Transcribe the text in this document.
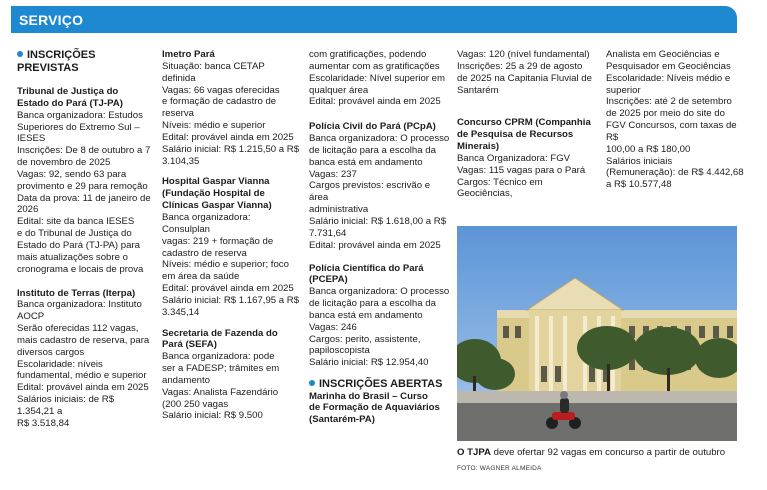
SERVIÇO

INSCRIÇÕES

PREVISTAS

Tribunal de Justiça do

Estado do Pará (TJ-PA)

Banca organizadora: Estudos

Superiores do Extremo Sul –

IESES

Inscrições: De 8 de outubro a 7

de novembro de 2025

Vagas: 92, sendo 63 para

provimento e 29 para remoção

Data da prova: 11 de janeiro de

2026

Edital: site da banca IESES

e do Tribunal de Justiça do

Estado do Pará (TJ-PA) para

mais atualizações sobre o

cronograma e locais de prova

Instituto de Terras (Iterpa)

Banca organizadora: Instituto

AOCP

Serão oferecidas 112 vagas,

mais cadastro de reserva, para

diversos cargos

Escolaridade: níveis

fundamental, médio e superior

Edital: provável ainda em 2025

Salários iniciais: de R$ 1.354,21 a

R$ 3.518,84

Imetro Pará

Situação: banca CETAP definida

Vagas: 66 vagas oferecidas

e formação de cadastro de

reserva

Níveis: médio e superior

Edital: provável ainda em 2025

Salário inicial: R$ 1.215,50 a R$

3.104,35

Hospital Gaspar Vianna

(Fundação Hospital de

Clínicas Gaspar Vianna)

Banca organizadora:

Consulplan

vagas: 219 + formação de

cadastro de reserva

Níveis: médio e superior; foco

em área da saúde

Edital: provável ainda em 2025

Salário inicial: R$ 1.167,95 a R$

3.345,14

Secretaria de Fazenda do

Pará (SEFA)

Banca organizadora: pode

ser a FADESP; trâmites em

andamento

Vagas: Analista Fazendário

(200 250 vagas

Salário inicial: R$ 9.500

com gratificações, podendo

aumentar com as gratificações

Escolaridade: Nível superior em

qualquer área

Edital: provável ainda em 2025

Polícia Civil do Pará (PCpA)

Banca organizadora: O processo

de licitação para a escolha da

banca está em andamento

Vagas: 237

Cargos previstos: escrivão e área

administrativa

Salário inicial: R$ 1.618,00 a R$

7.731,64

Edital: provável ainda em 2025

Polícia Científica do Pará

(PCEPA)

Banca organizadora: O processo

de licitação para a escolha da

banca está em andamento

Vagas: 246

Cargos: perito, assistente,

papiloscopista

Salário inicial: R$ 12.954,40

INSCRIÇÕES ABERTAS

Marinha do Brasil – Curso

de Formação de Aquaviários

(Santarém-PA)

Vagas: 120 (nível fundamental)

Inscrições: 25 a 29 de agosto

de 2025 na Capitania Fluvial de

Santarém

Concurso CPRM (Companhia

de Pesquisa de Recursos

Minerais)

Banca Organizadora: FGV

Vagas: 115 vagas para o Pará

Cargos: Técnico em Geociências,

Analista em Geociências e

Pesquisador em Geociências

Escolaridade: Níveis médio e

superior

Inscrições: até 2 de setembro

de 2025 por meio do site do

FGV Concursos, com taxas de R$

100,00 a R$ 180,00

Salários iniciais

(Remuneração): de R$ 4.442,68

a R$ 10.577,48

O TJPA deve ofertar 92 vagas em concurso a partir de outubro
FOTO: WAGNER ALMEIDA
